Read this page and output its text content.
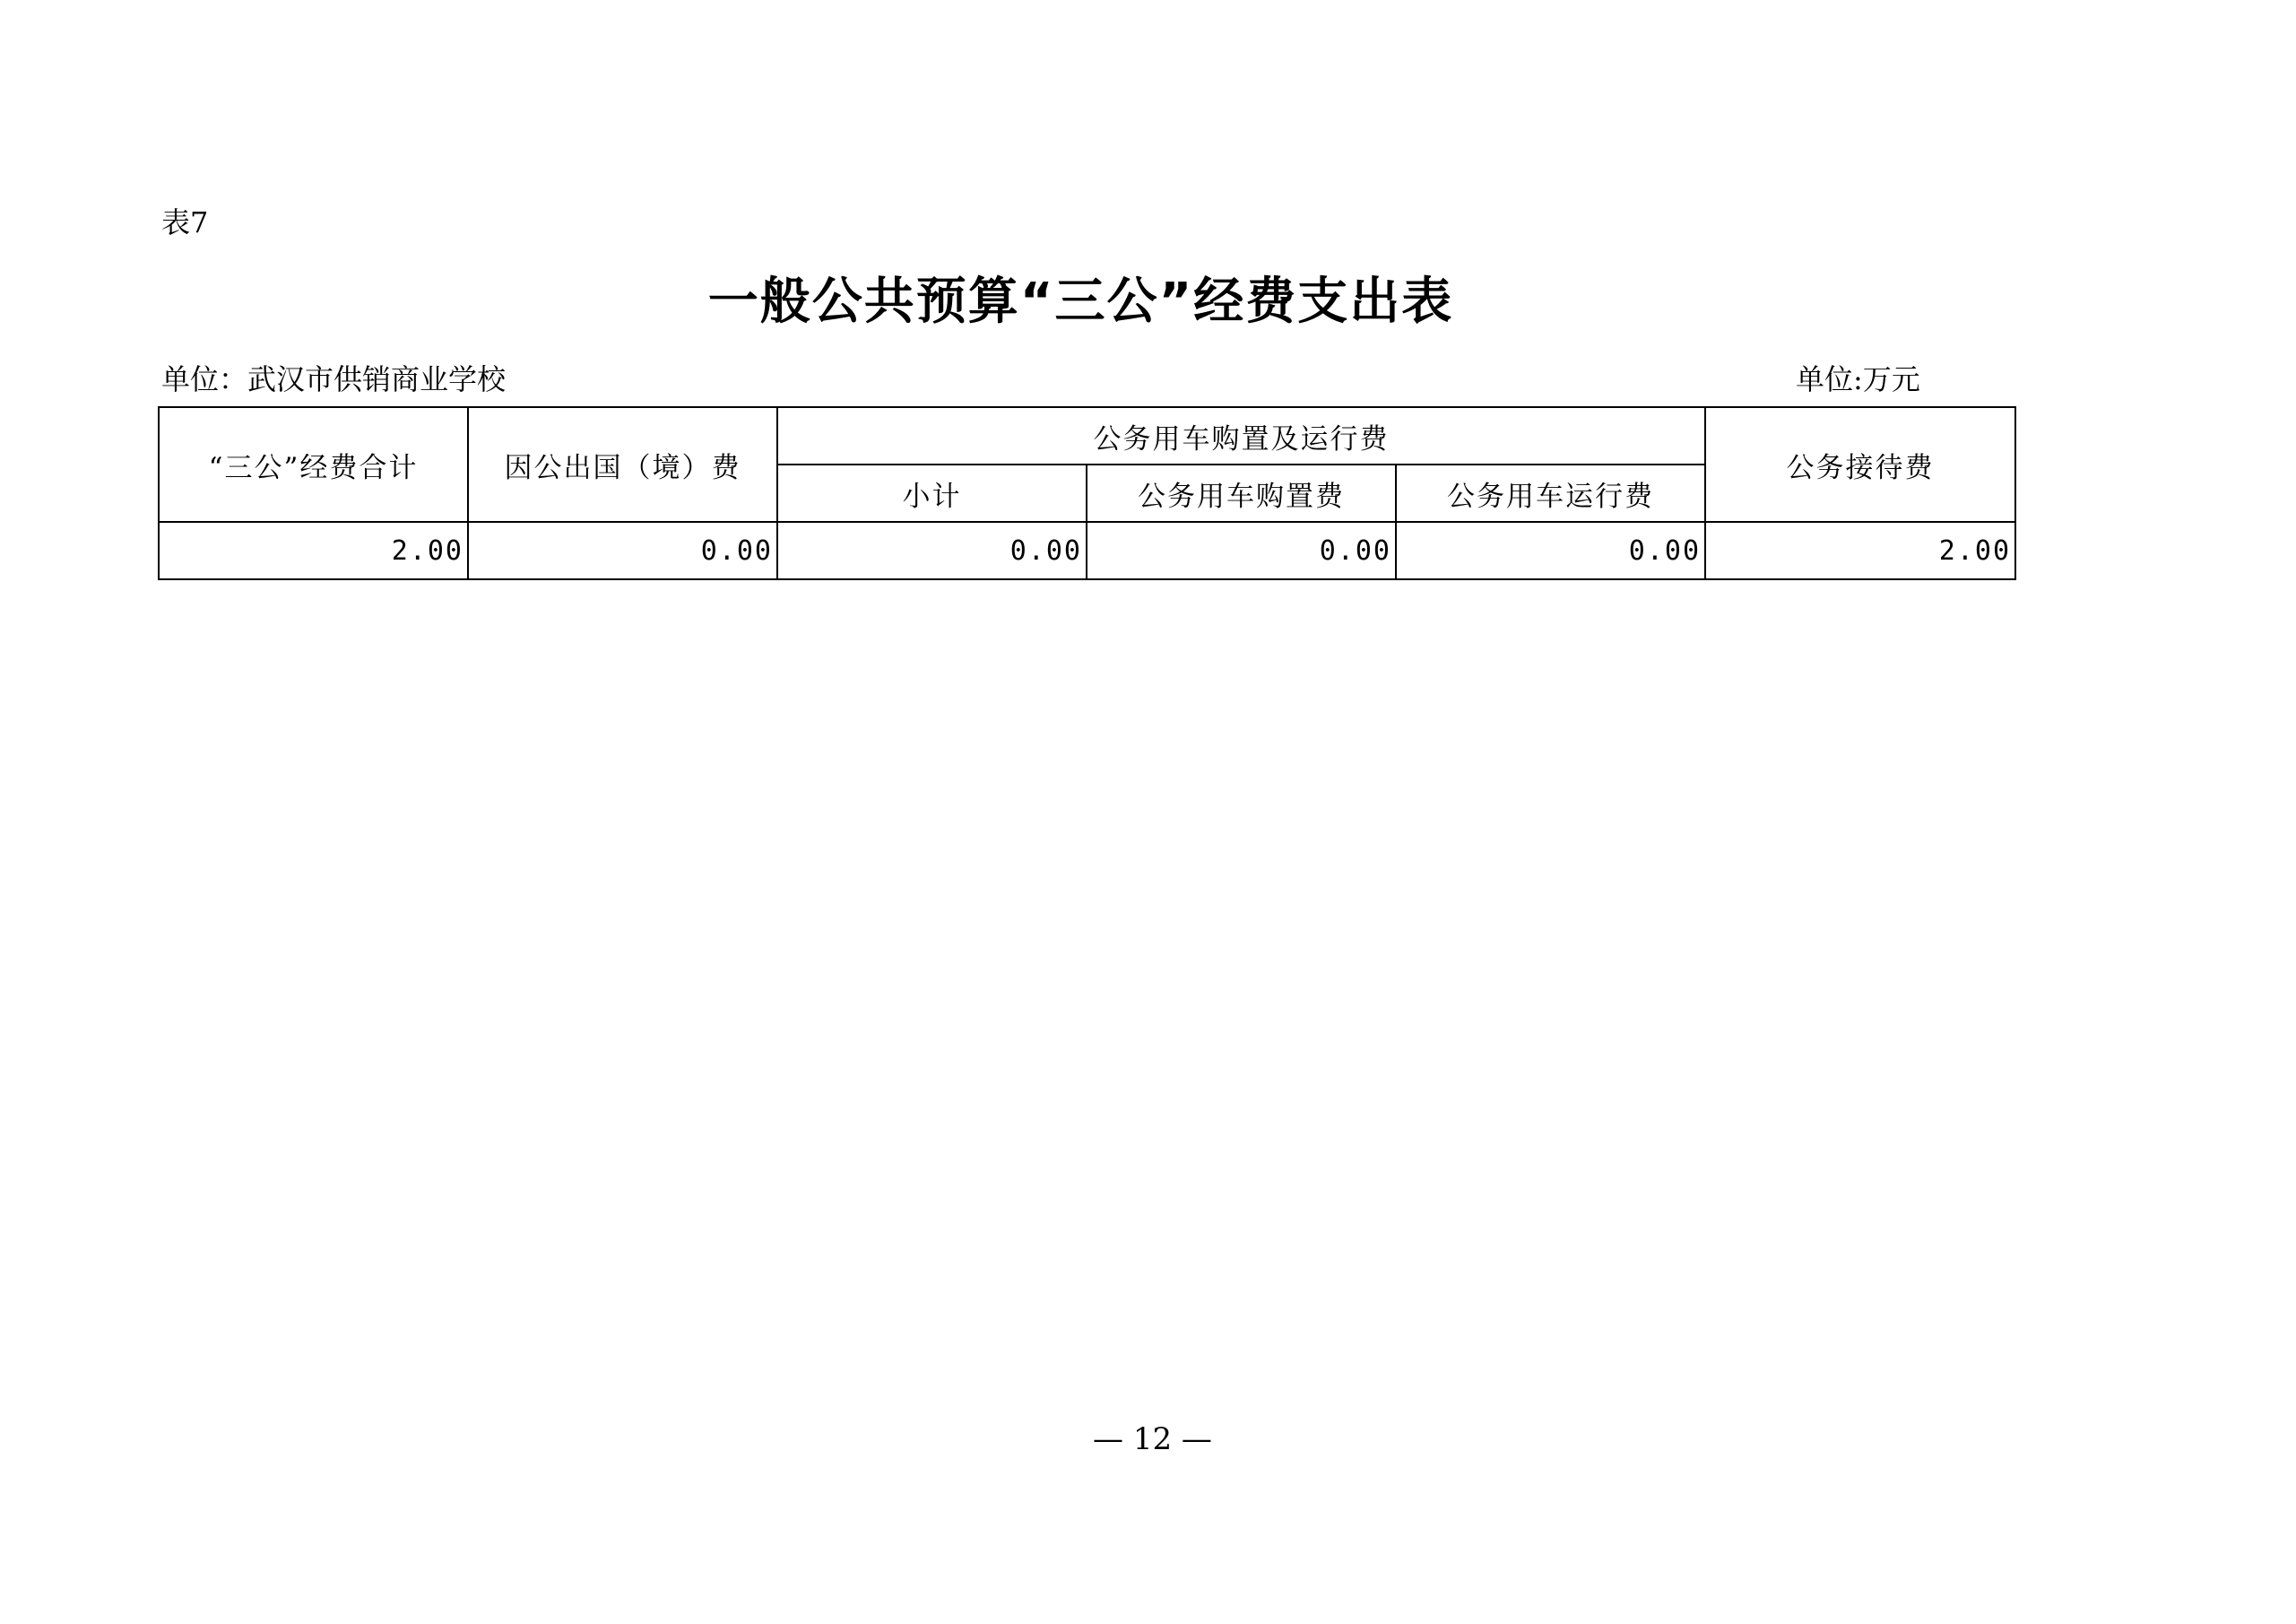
表7
一般公共预算“三公”经费支出表
单位：武汉市供销商业学校	单位:万元
“三公”经费合计	因公出国（境）费	公务用车购置及运行费			公务接待费
		小计	公务用车购置费	公务用车运行费	
2.00	0.00	0.00	0.00	0.00	2.00
— 12 —
